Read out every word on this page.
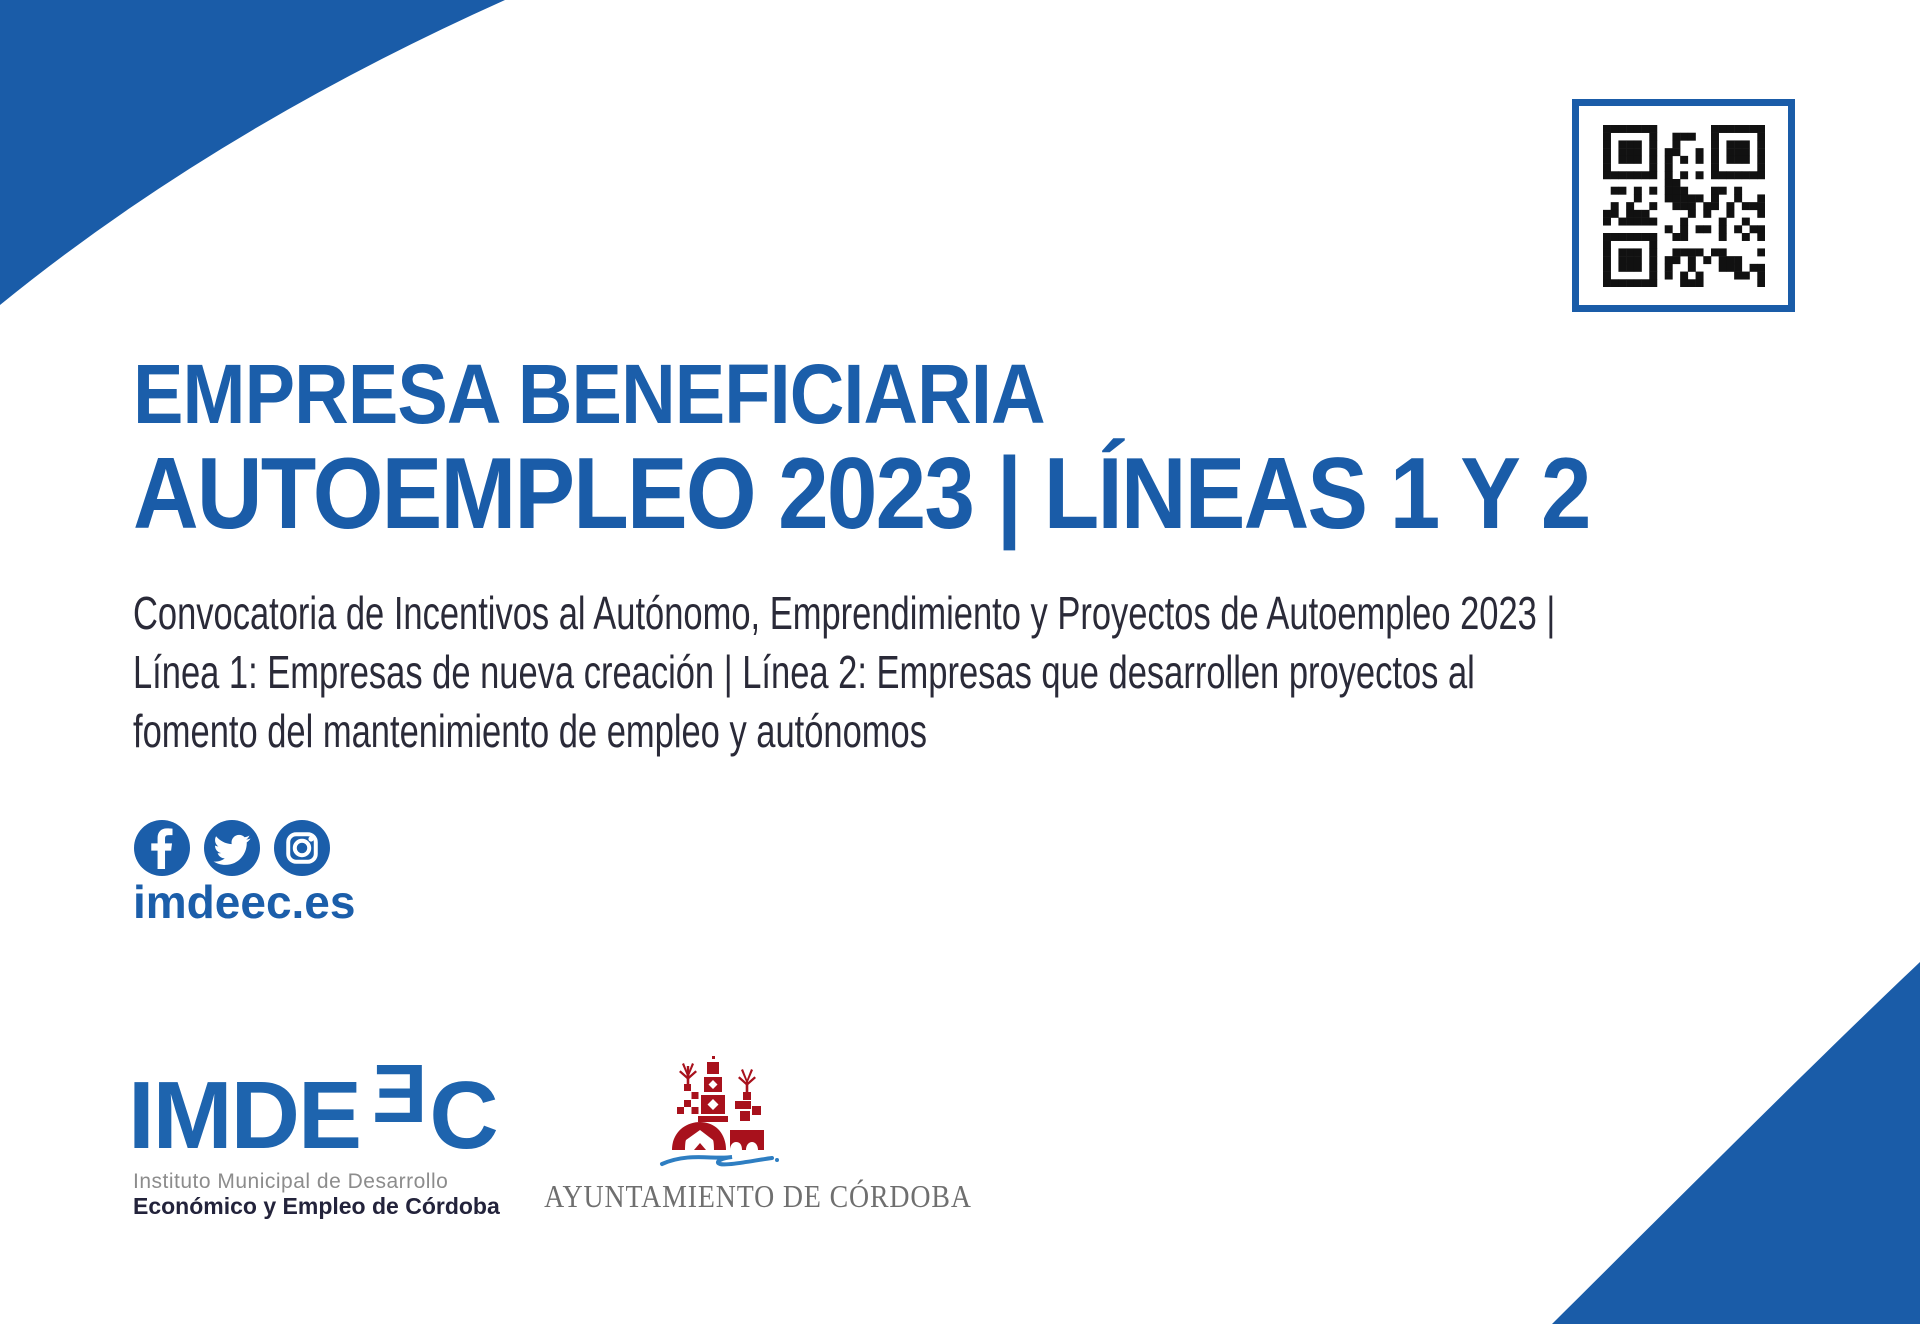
EMPRESA BENEFICIARIA
AUTOEMPLEO 2023 | LÍNEAS 1 Y 2
Convocatoria de Incentivos al Autónomo, Emprendimiento y Proyectos de Autoempleo 2023 |
Línea 1: Empresas de nueva creación | Línea 2: Empresas que desarrollen proyectos al
fomento del mantenimiento de empleo y autónomos
imdeec.es
IMDE EC
Instituto Municipal de Desarrollo
Económico y Empleo de Córdoba AYUNTAMIENTO DE CÓRDOBA
